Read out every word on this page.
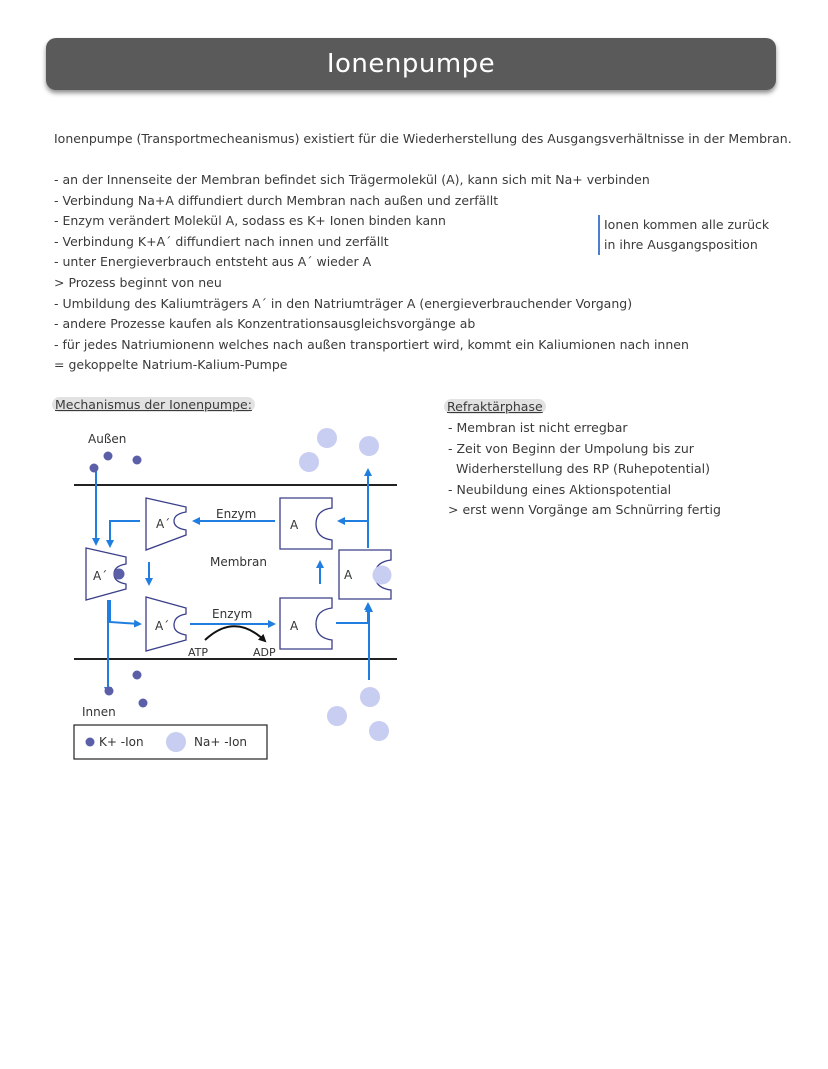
Ionenpumpe
Ionenpumpe (Transportmecheanismus) existiert für die Wiederherstellung des Ausgangsverhältnisse in der Membran.
- an der Innenseite der Membran befindet sich Trägermolekül (A), kann sich mit Na+ verbinden
- Verbindung Na+A diffundiert durch Membran nach außen und zerfällt
- Enzym verändert Molekül A, sodass es K+ Ionen binden kann
- Verbindung K+A´ diffundiert nach innen und zerfällt
- unter Energieverbrauch entsteht aus A´ wieder A
> Prozess beginnt von neu
- Umbildung des Kaliumträgers A´ in den Natriumträger A (energieverbrauchender Vorgang)
- andere Prozesse kaufen als Konzentrationsausgleichsvorgänge ab
- für jedes Natriumionenn welches nach außen transportiert wird, kommt ein Kaliumionen nach innen
= gekoppelte Natrium-Kalium-Pumpe
Ionen kommen alle zurück
in ihre Ausgangsposition
Mechanismus der Ionenpumpe:	Refraktärphase
- Membran ist nicht erregbar
- Zeit von Beginn der Umpolung bis zur
Widerherstellung des RP (Ruhepotential)
- Neubildung eines Aktionspotential
> erst wenn Vorgänge am Schnürring fertig
Außen
Innen
Membran
Enzym
Enzym
ATP	ADP
A´
A´
A´
A
A
A
K+ -Ion	Na+ -Ion
